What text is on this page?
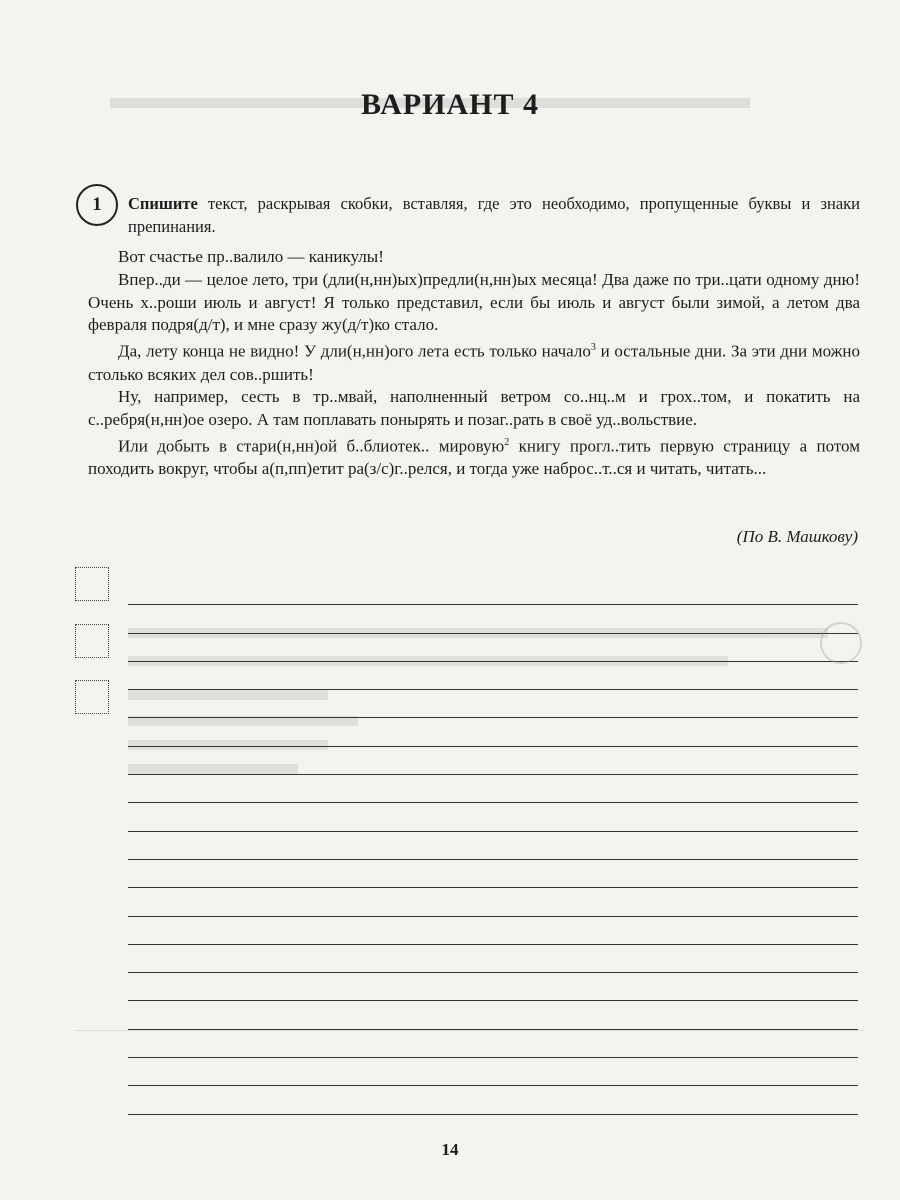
ВАРИАНТ 4
1	Спишите текст, раскрывая скобки, вставляя, где это необходимо, пропущенные буквы и знаки препинания.

Вот счастье пр..валило — каникулы!

Впер..ди — целое лето, три (дли(н,нн)ых)предли(н,нн)ых месяца! Два даже по три..цати одному дню! Очень х..роши июль и август! Я только представил, если бы июль и август были зимой, а летом два февраля подря(д/т), и мне сразу жу(д/т)ко стало.

Да, лету конца не видно! У дли(н,нн)ого лета есть только начало$^3$ и остальные дни. За эти дни можно столько всяких дел сов..ршить!

Ну, например, сесть в тр..мвай, наполненный ветром со..нц..м и грох..том, и покатить на с..ребря(н,нн)ое озеро. А там поплавать понырять и позаг..рать в своё уд..вольствие.

Или добыть в стари(н,нн)ой б..блиотек.. мировую$^2$ книгу прогл..тить первую страницу а потом походить вокруг, чтобы а(п,пп)етит ра(з/с)г..релся, и тогда уже наброс..т..ся и читать, читать...

(По В. Машкову)
14
